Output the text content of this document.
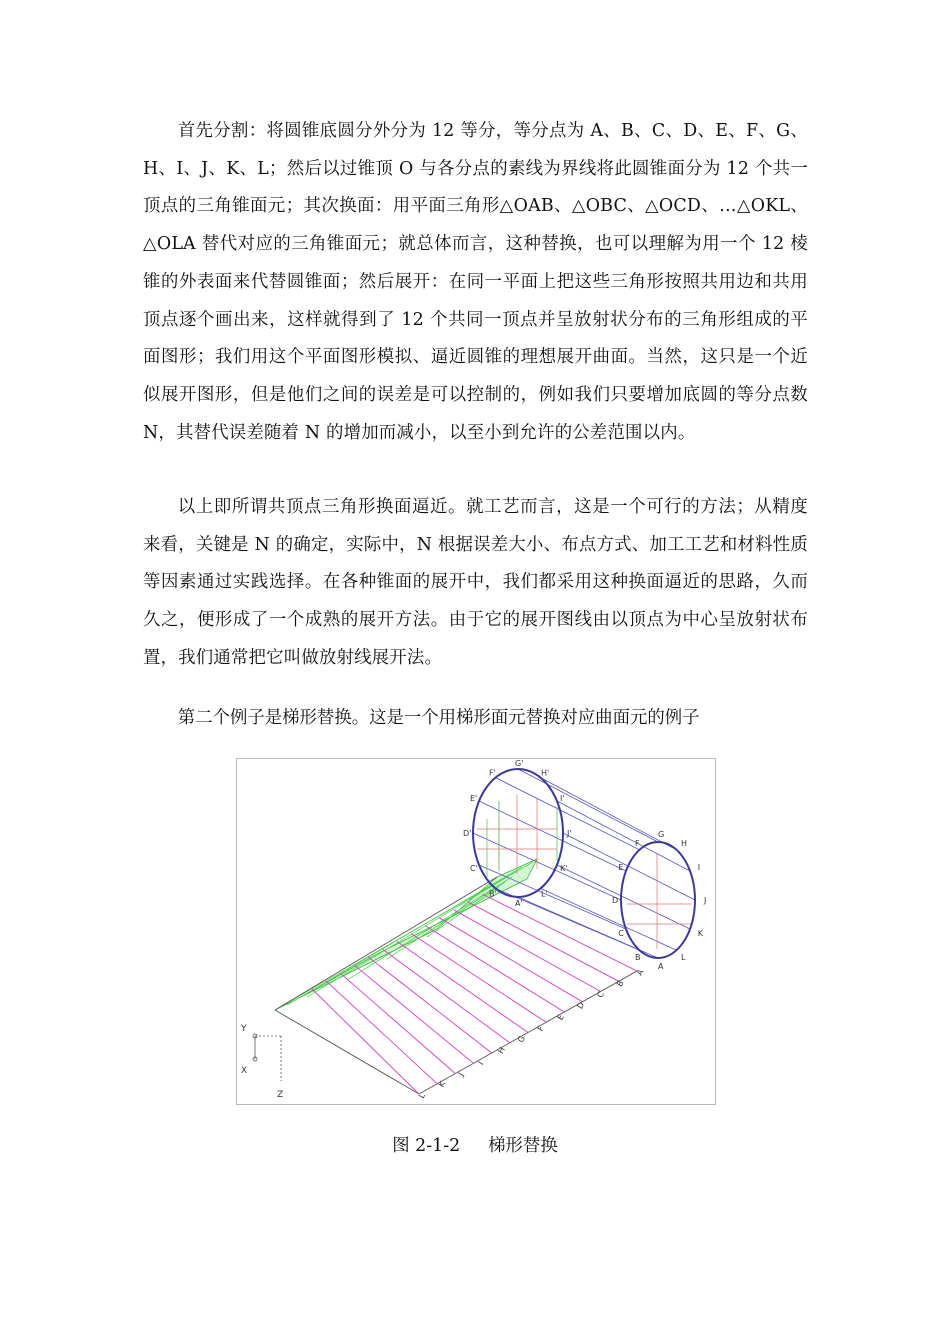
首先分割：将圆锥底圆分外分为 12 等分，等分点为 A、B、C、D、E、F、G、H、I、J、K、L；然后以过锥顶 O 与各分点的素线为界线将此圆锥面分为 12 个共一顶点的三角锥面元；其次换面：用平面三角形△OAB、△OBC、△OCD、…△OKL、△OLA 替代对应的三角锥面元；就总体而言，这种替换，也可以理解为用一个 12 棱锥的外表面来代替圆锥面；然后展开：在同一平面上把这些三角形按照共用边和共用顶点逐个画出来，这样就得到了 12 个共同一顶点并呈放射状分布的三角形组成的平面图形；我们用这个平面图形模拟、逼近圆锥的理想展开曲面。当然，这只是一个近似展开图形，但是他们之间的误差是可以控制的，例如我们只要增加底圆的等分点数 N，其替代误差随着 N 的增加而减小，以至小到允许的公差范围以内。

以上即所谓共顶点三角形换面逼近。就工艺而言，这是一个可行的方法；从精度来看，关键是 N 的确定，实际中，N 根据误差大小、布点方式、加工工艺和材料性质等因素通过实践选择。在各种锥面的展开中，我们都采用这种换面逼近的思路，久而久之，便形成了一个成熟的展开方法。由于它的展开图线由以顶点为中心呈放射状布置，我们通常把它叫做放射线展开法。

第二个例子是梯形替换。这是一个用梯形面元替换对应曲面元的例子

Y
X
Z	L
K
J
I
H
G
F
E
D
C
B
A
A
B
C
D
E
F
G
H
I
J
K
L
A'
B'
C'
D'
E'
F'
G'
H'
I'
J'
K'
L'
图 2-1-2 梯形替换
